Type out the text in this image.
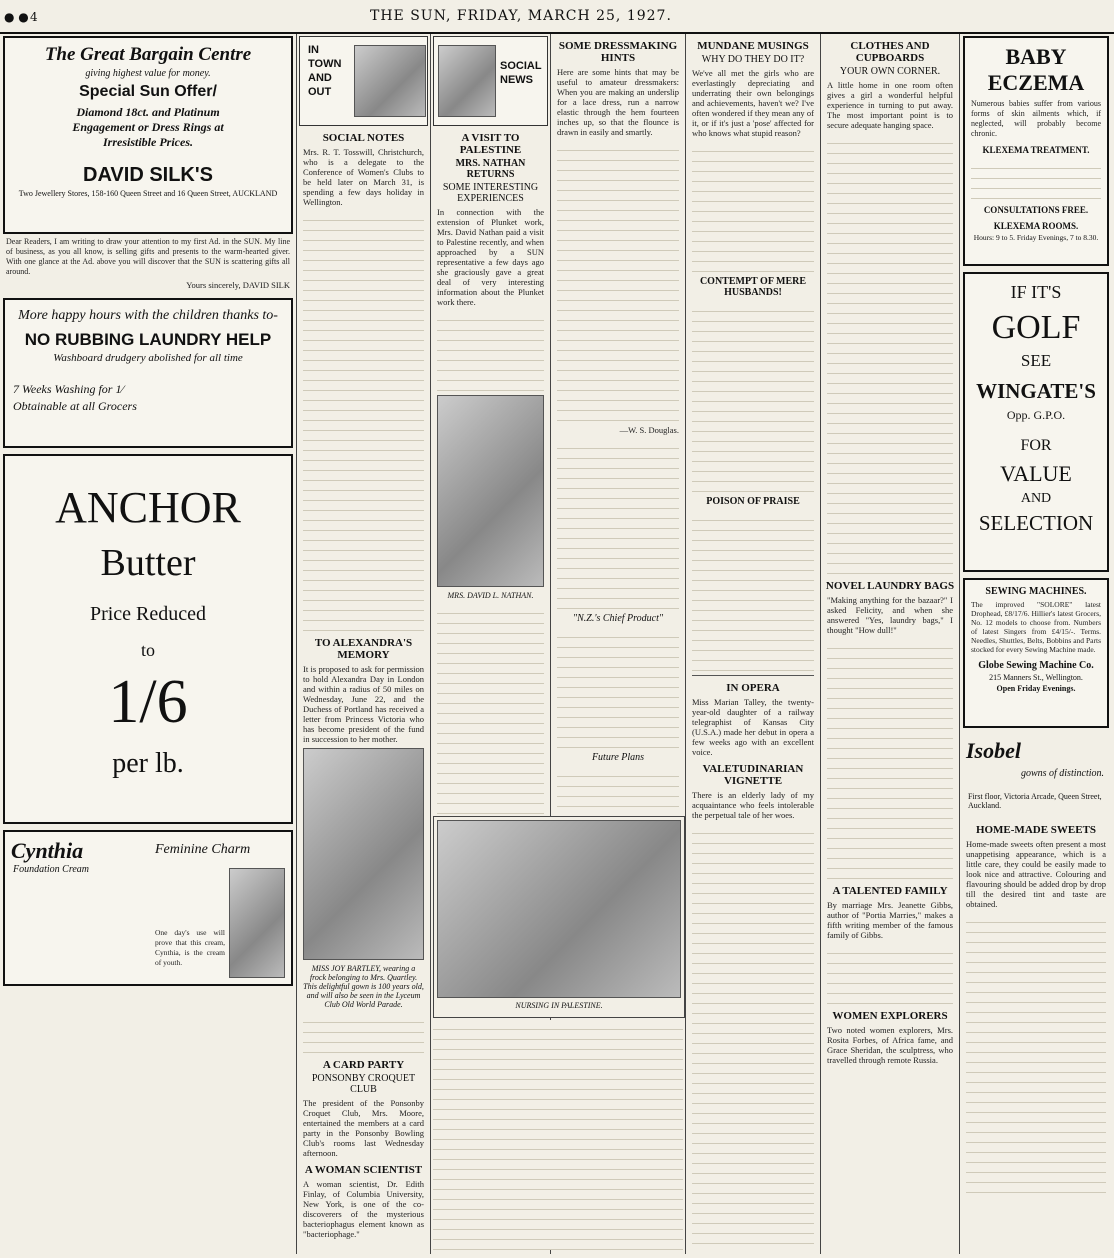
● ● 4	THE SUN, FRIDAY, MARCH 25, 1927.
The Great Bargain Centre
giving highest value for money.
Special Sun Offer/
Diamond 18ct. and Platinum Engagement or Dress Rings at Irresistible Prices.
DAVID SILK'S
Two Jewellery Stores, 158-160 Queen Street and 16 Queen Street, AUCKLAND
Dear Readers, I am writing to draw your attention to my first Ad. in the SUN. My line of business, as you all know, is selling gifts and presents to the warm-hearted giver. With one glance at the Ad. above you will discover that the SUN is scattering gifts all around.
Yours sincerely, DAVID SILK
More happy hours with the children thanks to-
NO RUBBING LAUNDRY HELP
Washboard drudgery abolished for all time
7 Weeks Washing for 1⁄
Obtainable at all Grocers
ANCHOR
Butter
Price Reduced
to
1/6
per lb.
Cynthia
Foundation Cream
Feminine Charm
One day's use will prove that this cream, Cynthia, is the cream of youth.
IN TOWN AND OUT
SOCIAL NOTES
Mrs. R. T. Tosswill, Christchurch, who is a delegate to the Conference of Women's Clubs to be held later on March 31, is spending a few days holiday in Wellington.
TO ALEXANDRA'S MEMORY
It is proposed to ask for permission to hold Alexandra Day in London and within a radius of 50 miles on Wednesday, June 22, and the Duchess of Portland has received a letter from Princess Victoria who has become president of the fund in succession to her mother.
MISS JOY BARTLEY, wearing a frock belonging to Mrs. Quartley. This delightful gown is 100 years old, and will also be seen in the Lyceum Club Old World Parade.
A CARD PARTY
PONSONBY CROQUET CLUB
The president of the Ponsonby Croquet Club, Mrs. Moore, entertained the members at a card party in the Ponsonby Bowling Club's rooms last Wednesday afternoon.
A WOMAN SCIENTIST
A woman scientist, Dr. Edith Finlay, of Columbia University, New York, is one of the co-discoverers of the mysterious bacteriophagus element known as "bacteriophage."
SOCIAL NEWS
A VISIT TO PALESTINE
MRS. NATHAN RETURNS
SOME INTERESTING EXPERIENCES
In connection with the extension of Plunket work, Mrs. David Nathan paid a visit to Palestine recently, and when approached by a SUN representative a few days ago she graciously gave a great deal of very interesting information about the Plunket work there.
MRS. DAVID L. NATHAN.
SOME DRESSMAKING HINTS
Here are some hints that may be useful to amateur dressmakers: When you are making an underslip for a lace dress, run a narrow elastic through the hem fourteen inches up, so that the flounce is drawn in easily and smartly.
—W. S. Douglas.
"N.Z.'s Chief Product"
Future Plans
NURSING IN PALESTINE.
MUNDANE MUSINGS
WHY DO THEY DO IT?
We've all met the girls who are everlastingly depreciating and underrating their own belongings and achievements, haven't we? I've often wondered if they mean any of it, or if it's just a 'pose' affected for who knows what stupid reason?
CONTEMPT OF MERE HUSBANDS!
POISON OF PRAISE
IN OPERA
Miss Marian Talley, the twenty-year-old daughter of a railway telegraphist of Kansas City (U.S.A.) made her debut in opera a few weeks ago with an excellent voice.
VALETUDINARIAN VIGNETTE
There is an elderly lady of my acquaintance who feels intolerable the perpetual tale of her woes.
CLOTHES AND CUPBOARDS
YOUR OWN CORNER.
A little home in one room often gives a girl a wonderful helpful experience in turning to put away. The most important point is to secure adequate hanging space.
NOVEL LAUNDRY BAGS
"Making anything for the bazaar?" I asked Felicity, and when she answered "Yes, laundry bags," I thought "How dull!"
A TALENTED FAMILY
By marriage Mrs. Jeanette Gibbs, author of "Portia Marries," makes a fifth writing member of the famous family of Gibbs.
WOMEN EXPLORERS
Two noted women explorers, Mrs. Rosita Forbes, of Africa fame, and Grace Sheridan, the sculptress, who travelled through remote Russia.
BABY
ECZEMA
Numerous babies suffer from various forms of skin ailments which, if neglected, will probably become chronic.
KLEXEMA TREATMENT.
CONSULTATIONS FREE.
KLEXEMA ROOMS.
Hours: 9 to 5. Friday Evenings, 7 to 8.30.
IF IT'S
GOLF
SEE
WINGATE'S
Opp. G.P.O.
FOR
VALUE
AND
SELECTION
SEWING MACHINES.
The improved "SOLORE" latest Drophead, £8/17/6. Hillier's latest Grocers, No. 12 models to choose from. Numbers of latest Singers from £4/15/-. Terms. Needles, Shuttles, Belts, Bobbins and Parts stocked for every Sewing Machine made.
Globe Sewing Machine Co.
215 Manners St., Wellington.
Open Friday Evenings.
Isobel
gowns of distinction.
First floor, Victoria Arcade, Queen Street, Auckland.
HOME-MADE SWEETS
Home-made sweets often present a most unappetising appearance, which is a little care, they could be easily made to look nice and attractive. Colouring and flavouring should be added drop by drop till the desired tint and taste are obtained.
